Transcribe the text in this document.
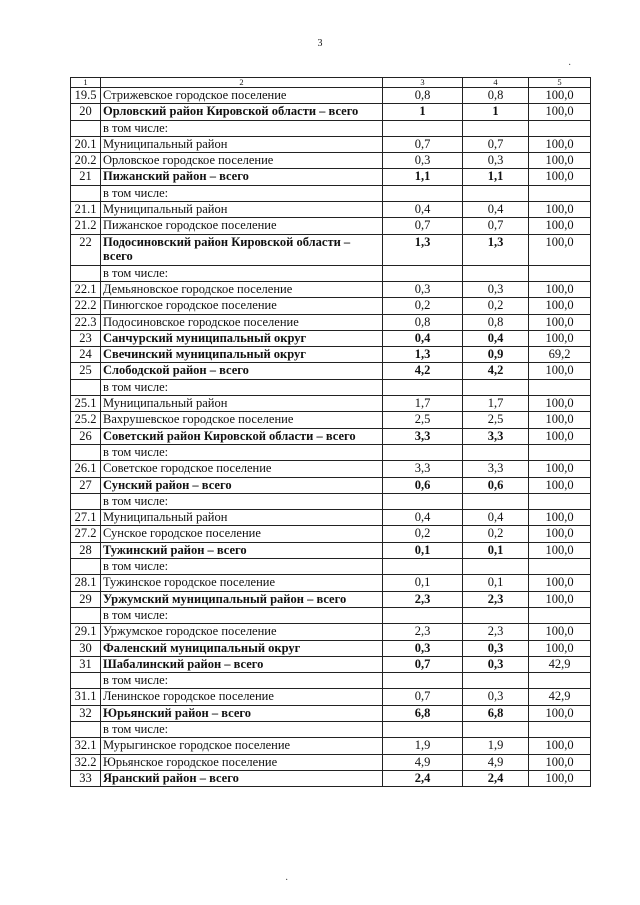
3
1	2	3	4	5
19.5	Стрижевское городское поселение	0,8	0,8	100,0
20	Орловский район Кировской области – всего	1	1	100,0
	в том числе:			
20.1	Муниципальный район	0,7	0,7	100,0
20.2	Орловское городское поселение	0,3	0,3	100,0
21	Пижанский район – всего	1,1	1,1	100,0
	в том числе:			
21.1	Муниципальный район	0,4	0,4	100,0
21.2	Пижанское городское поселение	0,7	0,7	100,0
22	Подосиновский район Кировской области – всего	1,3	1,3	100,0
	в том числе:			
22.1	Демьяновское городское поселение	0,3	0,3	100,0
22.2	Пинюгское городское поселение	0,2	0,2	100,0
22.3	Подосиновское городское поселение	0,8	0,8	100,0
23	Санчурский муниципальный округ	0,4	0,4	100,0
24	Свечинский муниципальный округ	1,3	0,9	69,2
25	Слободской район – всего	4,2	4,2	100,0
	в том числе:			
25.1	Муниципальный район	1,7	1,7	100,0
25.2	Вахрушевское городское поселение	2,5	2,5	100,0
26	Советский район Кировской области – всего	3,3	3,3	100,0
	в том числе:			
26.1	Советское городское поселение	3,3	3,3	100,0
27	Сунский район – всего	0,6	0,6	100,0
	в том числе:			
27.1	Муниципальный район	0,4	0,4	100,0
27.2	Сунское городское поселение	0,2	0,2	100,0
28	Тужинский район – всего	0,1	0,1	100,0
	в том числе:			
28.1	Тужинское городское поселение	0,1	0,1	100,0
29	Уржумский муниципальный район – всего	2,3	2,3	100,0
	в том числе:			
29.1	Уржумское городское поселение	2,3	2,3	100,0
30	Фаленский муниципальный округ	0,3	0,3	100,0
31	Шабалинский район – всего	0,7	0,3	42,9
	в том числе:			
31.1	Ленинское городское поселение	0,7	0,3	42,9
32	Юрьянский район – всего	6,8	6,8	100,0
	в том числе:			
32.1	Мурыгинское городское поселение	1,9	1,9	100,0
32.2	Юрьянское городское поселение	4,9	4,9	100,0
33	Яранский район – всего	2,4	2,4	100,0
·
·
